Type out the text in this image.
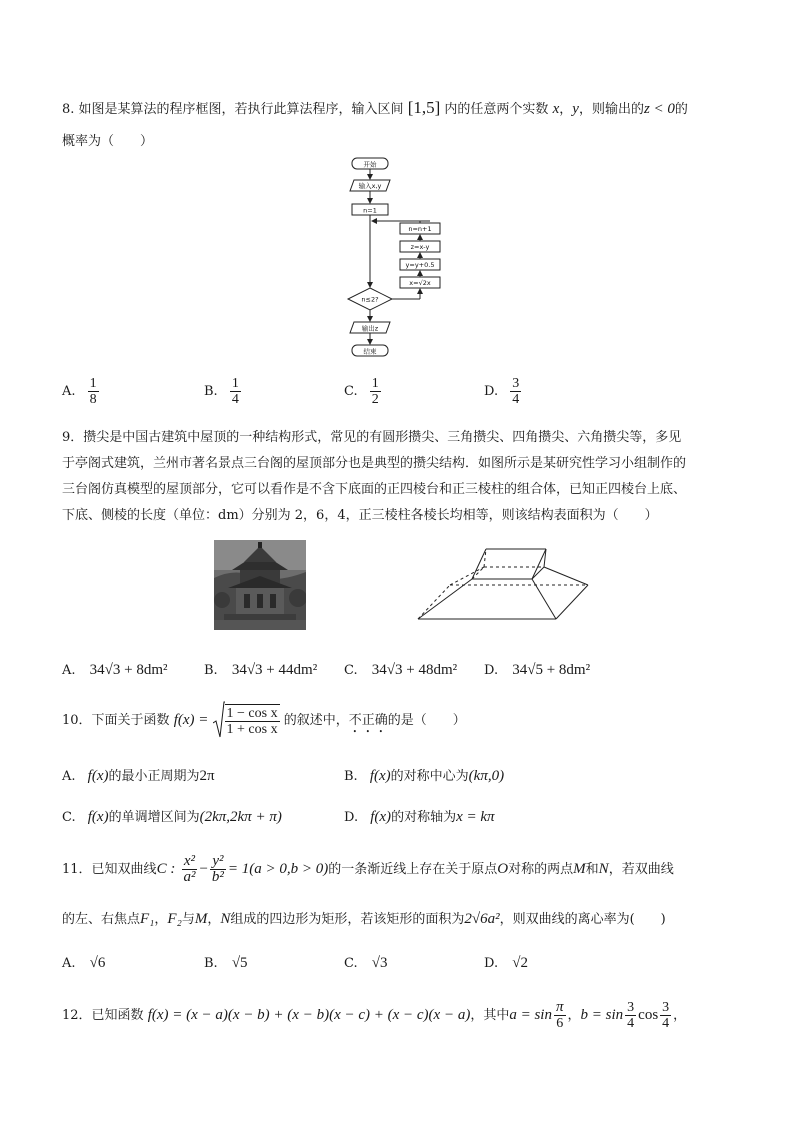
8. 如图是某算法的程序框图，若执行此算法程序，输入区间 [1,5] 内的任意两个实数 x，y，则输出的z < 0的
概率为（　　）
开始
输入x,y
n=1
n≤2?
输出z
结束
n=n+1
z=x-y
y=y+0.5
x=√2x
A. $\frac{1}{8}$	B. $\frac{1}{4}$	C. $\frac{1}{2}$	D. $\frac{3}{4}$
9．攒尖是中国古建筑中屋顶的一种结构形式，常见的有圆形攒尖、三角攒尖、四角攒尖、六角攒尖等，多见
于亭阁式建筑，兰州市著名景点三台阁的屋顶部分也是典型的攒尖结构．如图所示是某研究性学习小组制作的
三台阁仿真模型的屋顶部分，它可以看作是不含下底面的正四棱台和正三棱柱的组合体，已知正四棱台上底、
下底、侧棱的长度（单位：dm）分别为 2，6，4，正三棱柱各棱长均相等，则该结构表面积为（　　）
A. 34√3 + 8dm²	B. 34√3 + 44dm² C. 34√3 + 48dm² D. 34√5 + 8dm²
10．下面关于函数 $f(x) = \frac{\text{1 − cos x}}{\text{1 + cos x}}$ 的叙述中，不正确的是（　　）
A. f(x)的最小正周期为2π	B. f(x)的对称中心为(kπ,0)
C. f(x)的单调增区间为(2kπ,2kπ + π)	D. f(x)的对称轴为x = kπ
11．已知双曲线C : $\frac{\text{x²}}{\text{a²}} - \frac{\text{y²}}{\text{b²}} = 1(a > 0,b > 0)$的一条渐近线上存在关于原点O对称的两点M和N，若双曲线
的左、右焦点F₁，F₂与M，N组成的四边形为矩形，若该矩形的面积为2√6a²，则双曲线的离心率为(　　)
A. √6	B. √5	C. √3	D. √2
12．已知函数 f(x) = (x − a)(x − b) + (x − b)(x − c) + (x − c)(x − a)，其中$a = \sin \frac{\pi}{6}$ ，$b = \sin \frac{3}{4}$ $\cos \frac{3}{4}$ ，
